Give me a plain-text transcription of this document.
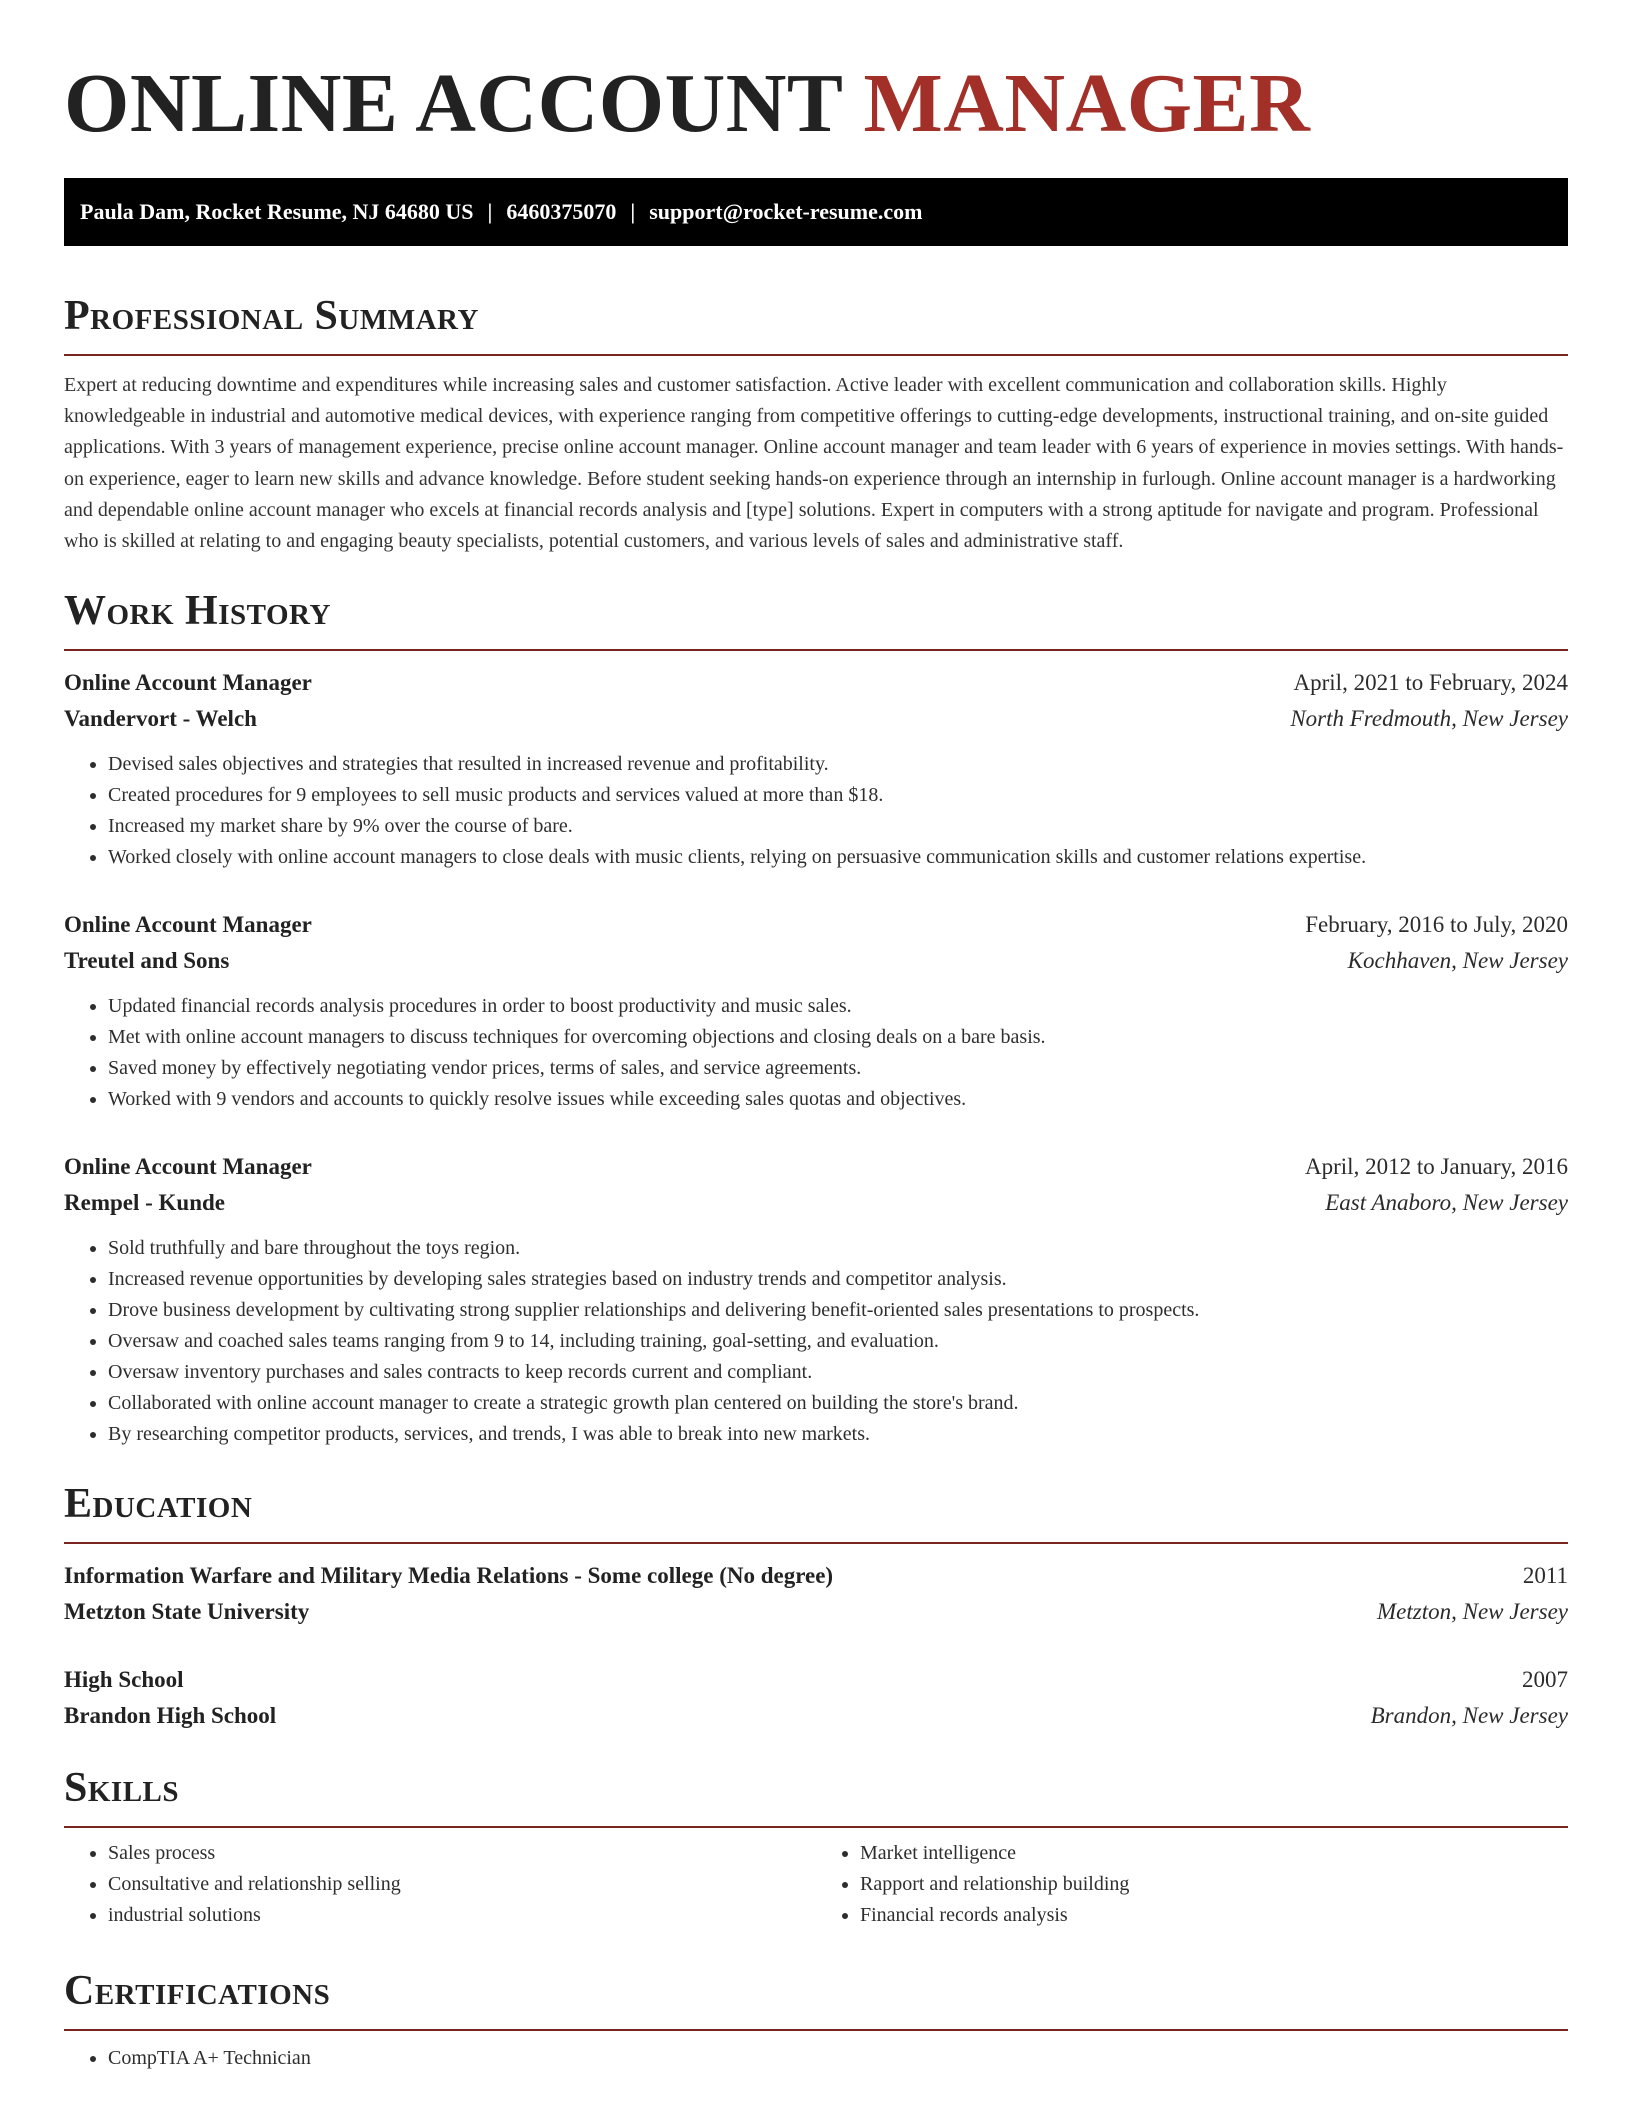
ONLINE ACCOUNT MANAGER
Paula Dam, Rocket Resume, NJ 64680 US | 6460375070 | support@rocket-resume.com
Professional Summary

Expert at reducing downtime and expenditures while increasing sales and customer satisfaction. Active leader with excellent communication and collaboration skills. Highly knowledgeable in industrial and automotive medical devices, with experience ranging from competitive offerings to cutting-edge developments, instructional training, and on-site guided applications. With 3 years of management experience, precise online account manager. Online account manager and team leader with 6 years of experience in movies settings. With hands-on experience, eager to learn new skills and advance knowledge. Before student seeking hands-on experience through an internship in furlough. Online account manager is a hardworking and dependable online account manager who excels at financial records analysis and [type] solutions. Expert in computers with a strong aptitude for navigate and program. Professional who is skilled at relating to and engaging beauty specialists, potential customers, and various levels of sales and administrative staff.

Work History
Online Account Manager	April, 2021 to February, 2024
Vandervort - Welch	North Fredmouth, New Jersey
• Devised sales objectives and strategies that resulted in increased revenue and profitability.
• Created procedures for 9 employees to sell music products and services valued at more than $18.
• Increased my market share by 9% over the course of bare.
• Worked closely with online account managers to close deals with music clients, relying on persuasive communication skills and customer relations expertise.
Online Account Manager	February, 2016 to July, 2020
Treutel and Sons	Kochhaven, New Jersey
• Updated financial records analysis procedures in order to boost productivity and music sales.
• Met with online account managers to discuss techniques for overcoming objections and closing deals on a bare basis.
• Saved money by effectively negotiating vendor prices, terms of sales, and service agreements.
• Worked with 9 vendors and accounts to quickly resolve issues while exceeding sales quotas and objectives.
Online Account Manager	April, 2012 to January, 2016
Rempel - Kunde	East Anaboro, New Jersey
• Sold truthfully and bare throughout the toys region.
• Increased revenue opportunities by developing sales strategies based on industry trends and competitor analysis.
• Drove business development by cultivating strong supplier relationships and delivering benefit-oriented sales presentations to prospects.
• Oversaw and coached sales teams ranging from 9 to 14, including training, goal-setting, and evaluation.
• Oversaw inventory purchases and sales contracts to keep records current and compliant.
• Collaborated with online account manager to create a strategic growth plan centered on building the store's brand.
• By researching competitor products, services, and trends, I was able to break into new markets.
Education
Information Warfare and Military Media Relations - Some college (No degree)	2011
Metzton State University	Metzton, New Jersey
High School	2007
Brandon High School	Brandon, New Jersey
Skills
• Sales process
• Consultative and relationship selling
• industrial solutions
• Market intelligence
• Rapport and relationship building
• Financial records analysis
Certifications
• CompTIA A+ Technician
